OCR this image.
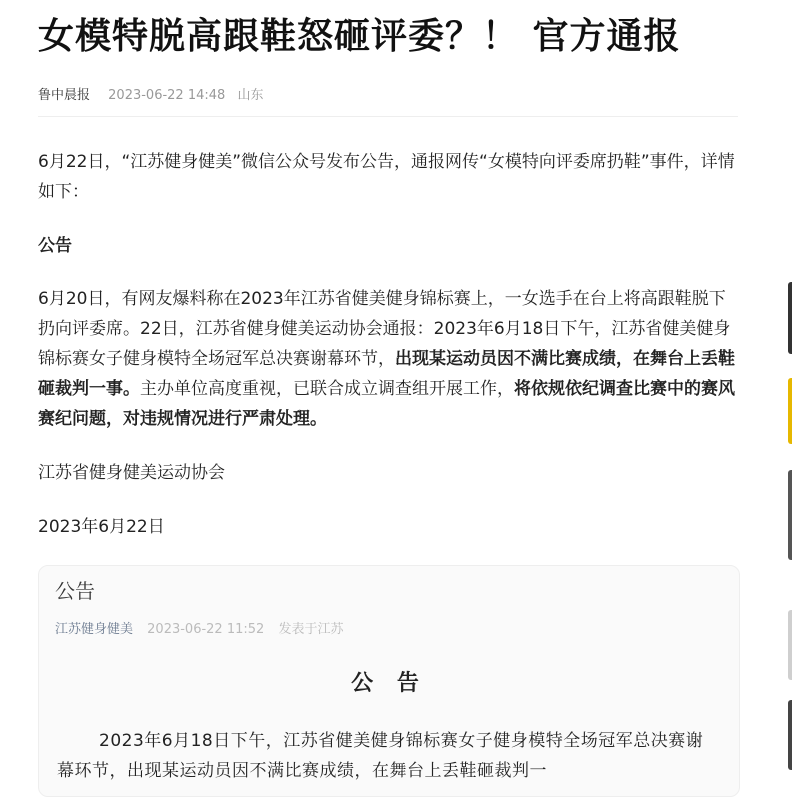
女模特脱高跟鞋怒砸评委？！ 官方通报
鲁中晨报 2023-06-22 14:48 山东
6月22日，“江苏健身健美”微信公众号发布公告，通报网传“女模特向评委席扔鞋”事件，详情如下：
公告
6月20日，有网友爆料称在2023年江苏省健美健身锦标赛上，一女选手在台上将高跟鞋脱下扔向评委席。22日，江苏省健身健美运动协会通报：2023年6月18日下午，江苏省健美健身锦标赛女子健身模特全场冠军总决赛谢幕环节，出现某运动员因不满比赛成绩，在舞台上丢鞋砸裁判一事。主办单位高度重视，已联合成立调查组开展工作，将依规依纪调查比赛中的赛风赛纪问题，对违规情况进行严肃处理。
江苏省健身健美运动协会
2023年6月22日
公告
江苏健身健美 2023-06-22 11:52 发表于江苏
公 告
2023年6月18日下午，江苏省健美健身锦标赛女子健身模特全场冠军总决赛谢幕环节，出现某运动员因不满比赛成绩，在舞台上丢鞋砸裁判一
